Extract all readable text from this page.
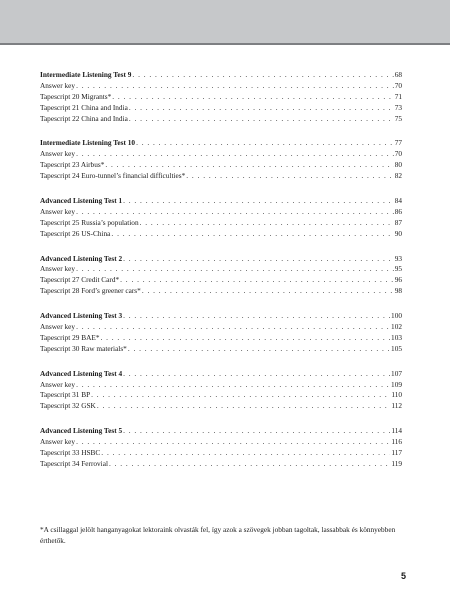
Intermediate Listening Test 9 . . .	68
Answer key . . .	70
Tapescript 20 Migrants* . . .	71
Tapescript 21 China and India . . .	73
Tapescript 22 China and India . . .	75
Intermediate Listening Test 10 . . .	77
Answer key . . .	70
Tapescript 23 Airbus* . . .	80
Tapescript 24 Euro-tunnel’s financial difficulties* . . .	82
Advanced Listening Test 1 . . .	84
Answer key . . .	86
Tapescript 25 Russia’s population . . .	87
Tapescript 26 US-China . . .	90
Advanced Listening Test 2 . . .	93
Answer key . . .	95
Tapescript 27 Credit Card* . . .	96
Tapescript 28 Ford’s greener cars* . . .	98
Advanced Listening Test 3 . . .	100
Answer key . . .	102
Tapescript 29 BAE* . . .	103
Tapescript 30 Raw materials* . . .	105
Advanced Listening Test 4 . . .	107
Answer key . . .	109
Tapescript 31 BP . . .	110
Tapescript 32 GSK . . .	112
Advanced Listening Test 5 . . .	114
Answer key . . .	116
Tapescript 33 HSBC . . .	117
Tapescript 34 Ferrovial . . .	119
*A csillaggal jelölt hanganyagokat lektoraink olvasták fel, így azok a szövegek jobban tagoltak, lassabbak és könnyebben érthetők.
5
